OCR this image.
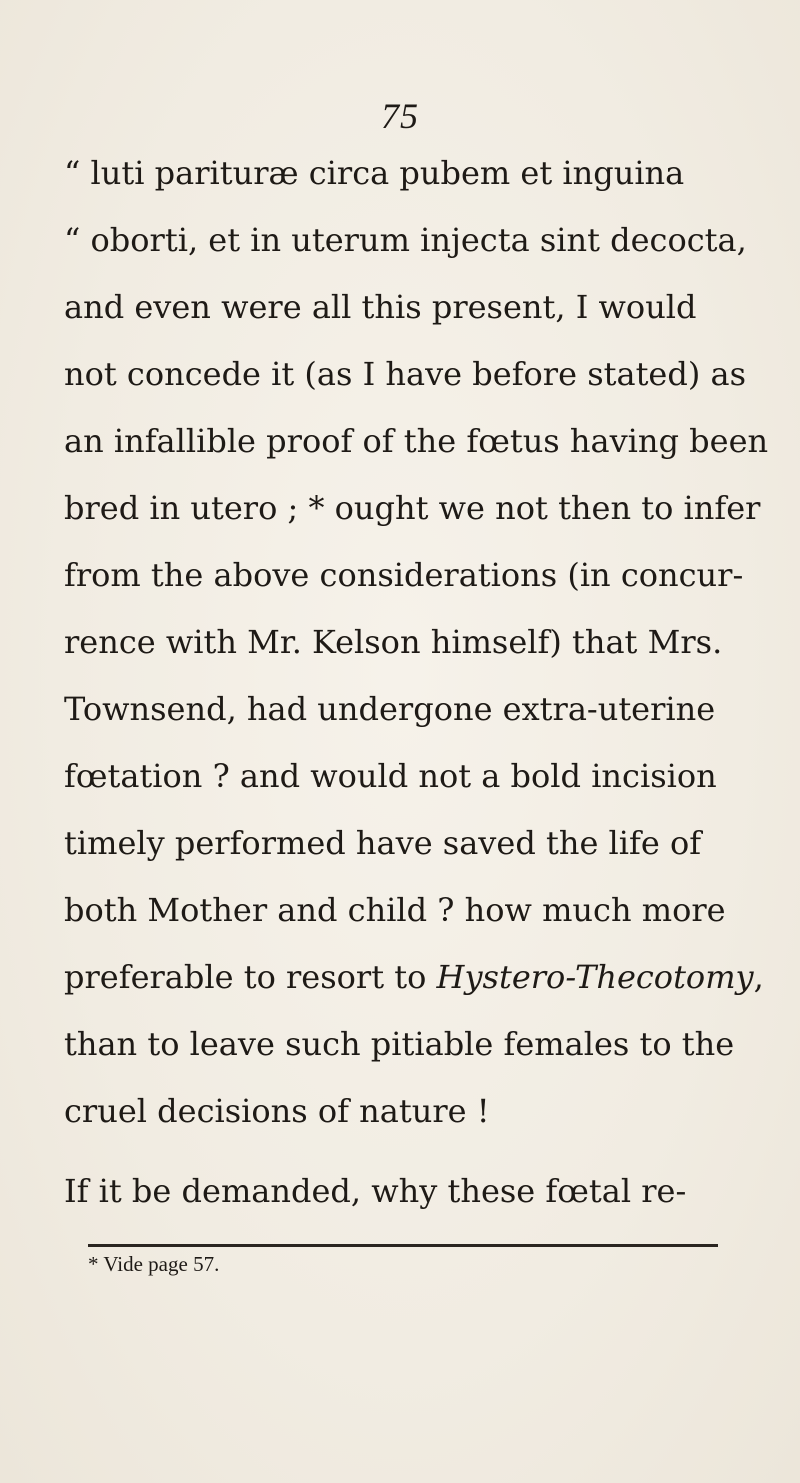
75
“ luti parituræ circa pubem et inguina
“ oborti, et in uterum injecta sint decocta,
and even were all this present, I would
not concede it (as I have before stated) as
an infallible proof of the fœtus having been
bred in utero ; * ought we not then to infer
from the above considerations (in concur-
rence with Mr. Kelson himself) that Mrs.
Townsend, had undergone extra-uterine
fœtation ? and would not a bold incision
timely performed have saved the life of
both Mother and child ? how much more
preferable to resort to Hystero-Thecotomy,
than to leave such pitiable females to the
cruel decisions of nature !
If it be demanded, why these fœtal re-
* Vide page 57.
